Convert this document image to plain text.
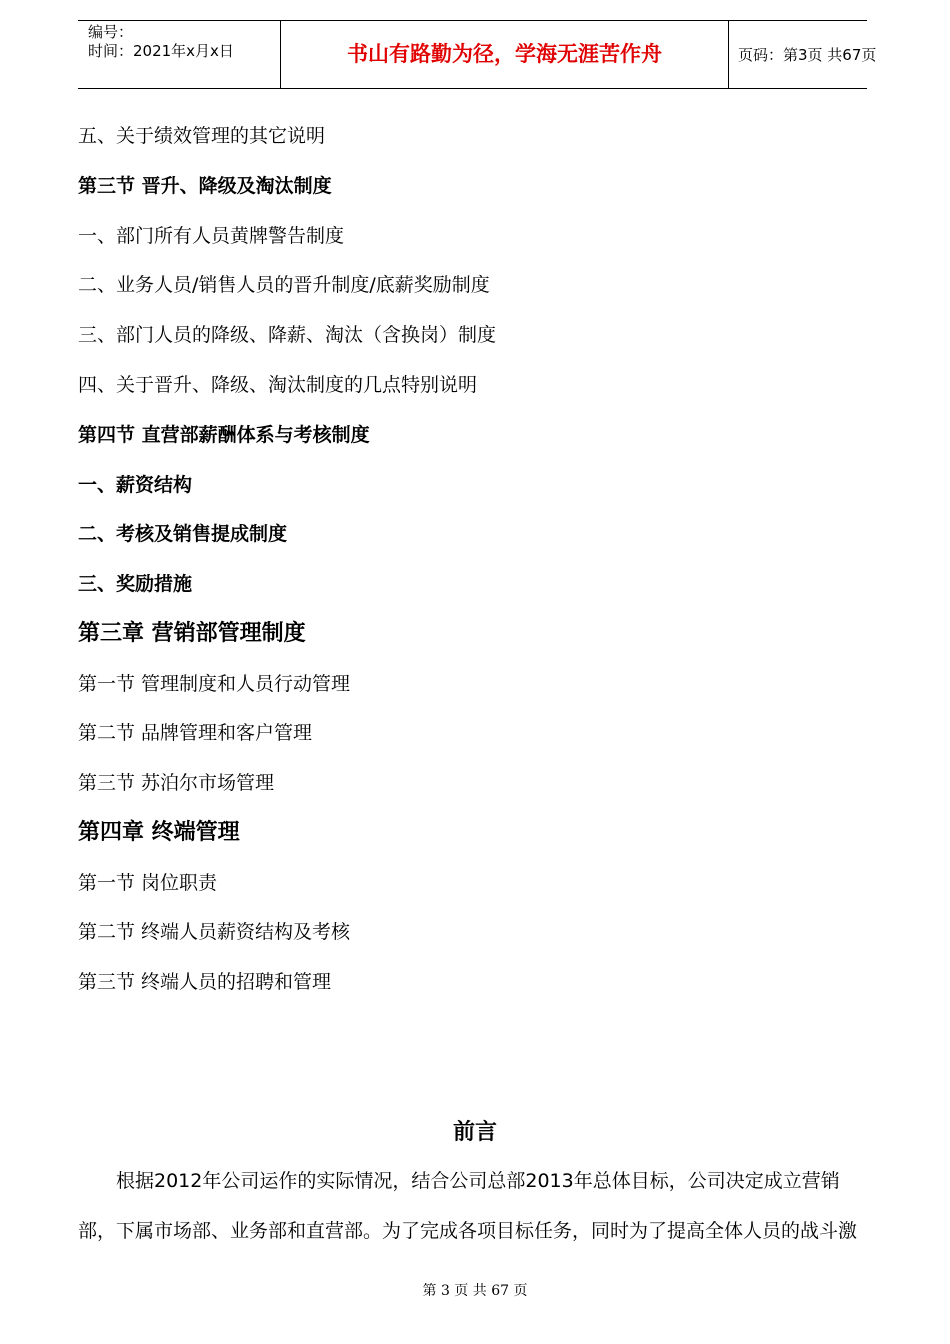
编号：
时间：2021年x月x日	书山有路勤为径，学海无涯苦作舟	页码：第3页 共67页

五、关于绩效管理的其它说明

第三节 晋升、降级及淘汰制度

一、部门所有人员黄牌警告制度

二、业务人员/销售人员的晋升制度/底薪奖励制度

三、部门人员的降级、降薪、淘汰（含换岗）制度

四、关于晋升、降级、淘汰制度的几点特别说明

第四节 直营部薪酬体系与考核制度

一、薪资结构

二、考核及销售提成制度

三、奖励措施

第三章 营销部管理制度

第一节 管理制度和人员行动管理

第二节 品牌管理和客户管理

第三节 苏泊尔市场管理

第四章 终端管理

第一节 岗位职责

第二节 终端人员薪资结构及考核

第三节 终端人员的招聘和管理

前言
根据2012年公司运作的实际情况，结合公司总部2013年总体目标，公司决定成立营销
部，下属市场部、业务部和直营部。为了完成各项目标任务，同时为了提高全体人员的战斗激
第 3 页 共 67 页
